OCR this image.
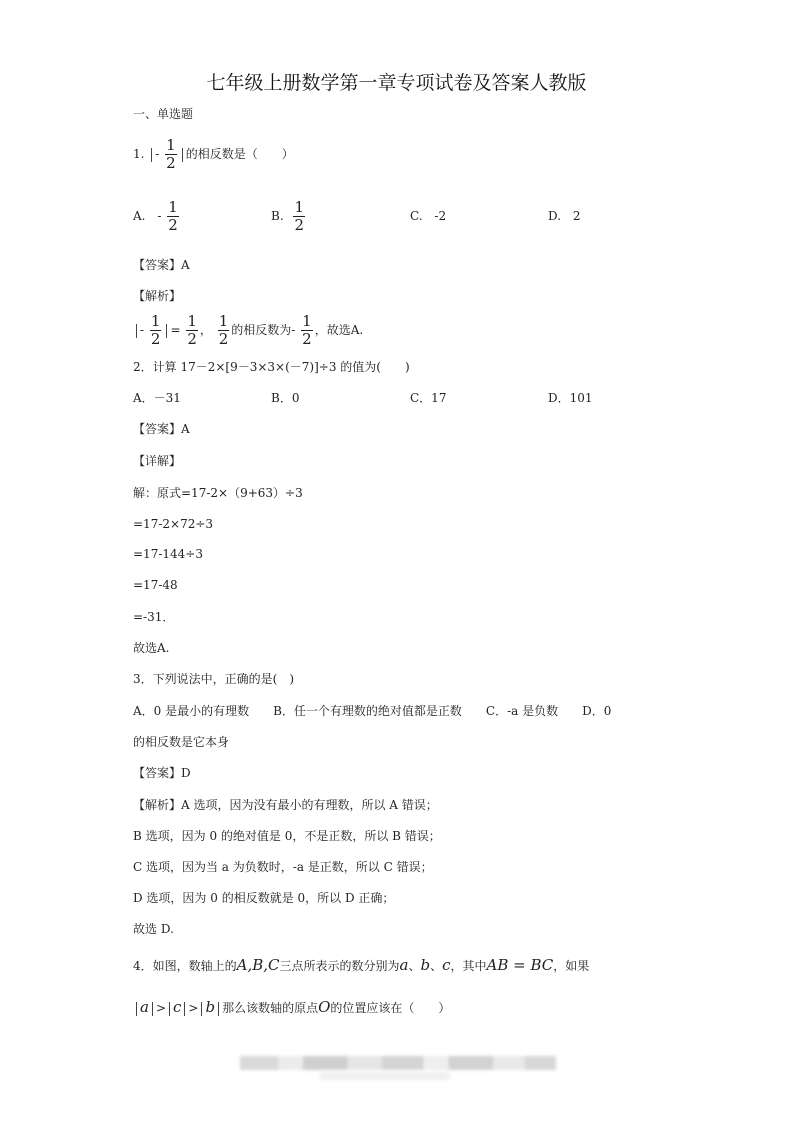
七年级上册数学第一章专项试卷及答案人教版
一、单选题
1. - $\frac{1}{2}$ 的相反数是（　　）
A. - $\frac{1}{2}$	B. $\frac{1}{2}$	C. -2	D. 2
【答案】A
【解析】
- $\frac{1}{2} = \frac{1}{2}$ ， $\frac{1}{2}$ 的相反数为- $\frac{1}{2}$ ，故选A.
2．计算 17－2×[9－3×3×(－7)]÷3 的值为(　　)
A．－31	B．0	C．17	D．101
【答案】A
【详解】
解：原式=17-2×（9+63）÷3
=17-2×72÷3
=17-144÷3
=17-48
=-31．
故选A.
3．下列说法中，正确的是(　)
A．0 是最小的有理数　　B．任一个有理数的绝对值都是正数　　C．-a 是负数　　D．0
的相反数是它本身
【答案】D
【解析】A 选项，因为没有最小的有理数，所以 A 错误；
B 选项，因为 0 的绝对值是 0，不是正数，所以 B 错误；
C 选项，因为当 a 为负数时，-a 是正数，所以 C 错误；
D 选项，因为 0 的相反数就是 0，所以 D 正确；
故选 D.
4．如图，数轴上的A,B,C三点所表示的数分别为a、b、c，其中AB = BC，如果
a > c > b 那么该数轴的原点O的位置应该在（　　）
